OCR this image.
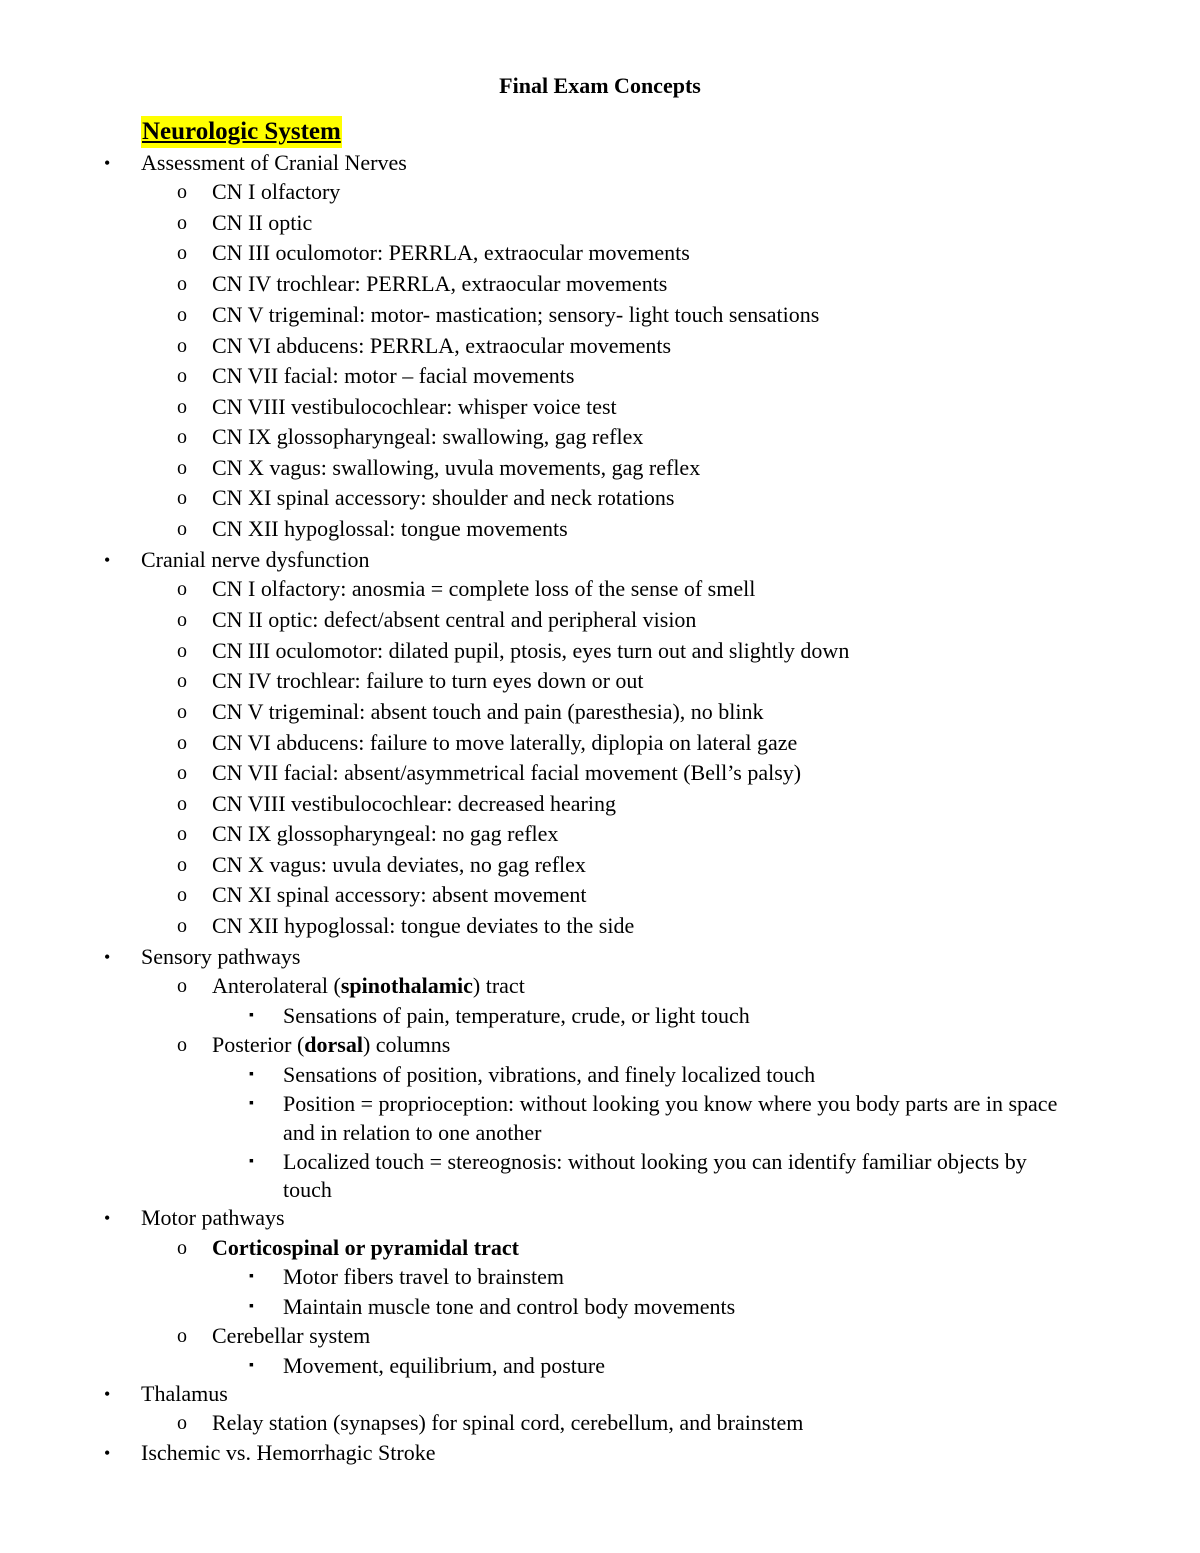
Final Exam Concepts
Neurologic System
• Assessment of Cranial Nerves
o CN I olfactory
o CN II optic
o CN III oculomotor: PERRLA, extraocular movements
o CN IV trochlear: PERRLA, extraocular movements
o CN V trigeminal: motor- mastication; sensory- light touch sensations
o CN VI abducens: PERRLA, extraocular movements
o CN VII facial: motor – facial movements
o CN VIII vestibulocochlear: whisper voice test
o CN IX glossopharyngeal: swallowing, gag reflex
o CN X vagus: swallowing, uvula movements, gag reflex
o CN XI spinal accessory: shoulder and neck rotations
o CN XII hypoglossal: tongue movements
• Cranial nerve dysfunction
o CN I olfactory: anosmia = complete loss of the sense of smell
o CN II optic: defect/absent central and peripheral vision
o CN III oculomotor: dilated pupil, ptosis, eyes turn out and slightly down
o CN IV trochlear: failure to turn eyes down or out
o CN V trigeminal: absent touch and pain (paresthesia), no blink
o CN VI abducens: failure to move laterally, diplopia on lateral gaze
o CN VII facial: absent/asymmetrical facial movement (Bell’s palsy)
o CN VIII vestibulocochlear: decreased hearing
o CN IX glossopharyngeal: no gag reflex
o CN X vagus: uvula deviates, no gag reflex
o CN XI spinal accessory: absent movement
o CN XII hypoglossal: tongue deviates to the side
• Sensory pathways
o Anterolateral (spinothalamic) tract
▪ Sensations of pain, temperature, crude, or light touch
o Posterior (dorsal) columns
▪ Sensations of position, vibrations, and finely localized touch
▪ Position = proprioception: without looking you know where you body parts are in space
and in relation to one another
▪ Localized touch = stereognosis: without looking you can identify familiar objects by
touch
• Motor pathways
o Corticospinal or pyramidal tract
▪ Motor fibers travel to brainstem
▪ Maintain muscle tone and control body movements
o Cerebellar system
▪ Movement, equilibrium, and posture
• Thalamus
o Relay station (synapses) for spinal cord, cerebellum, and brainstem
• Ischemic vs. Hemorrhagic Stroke
